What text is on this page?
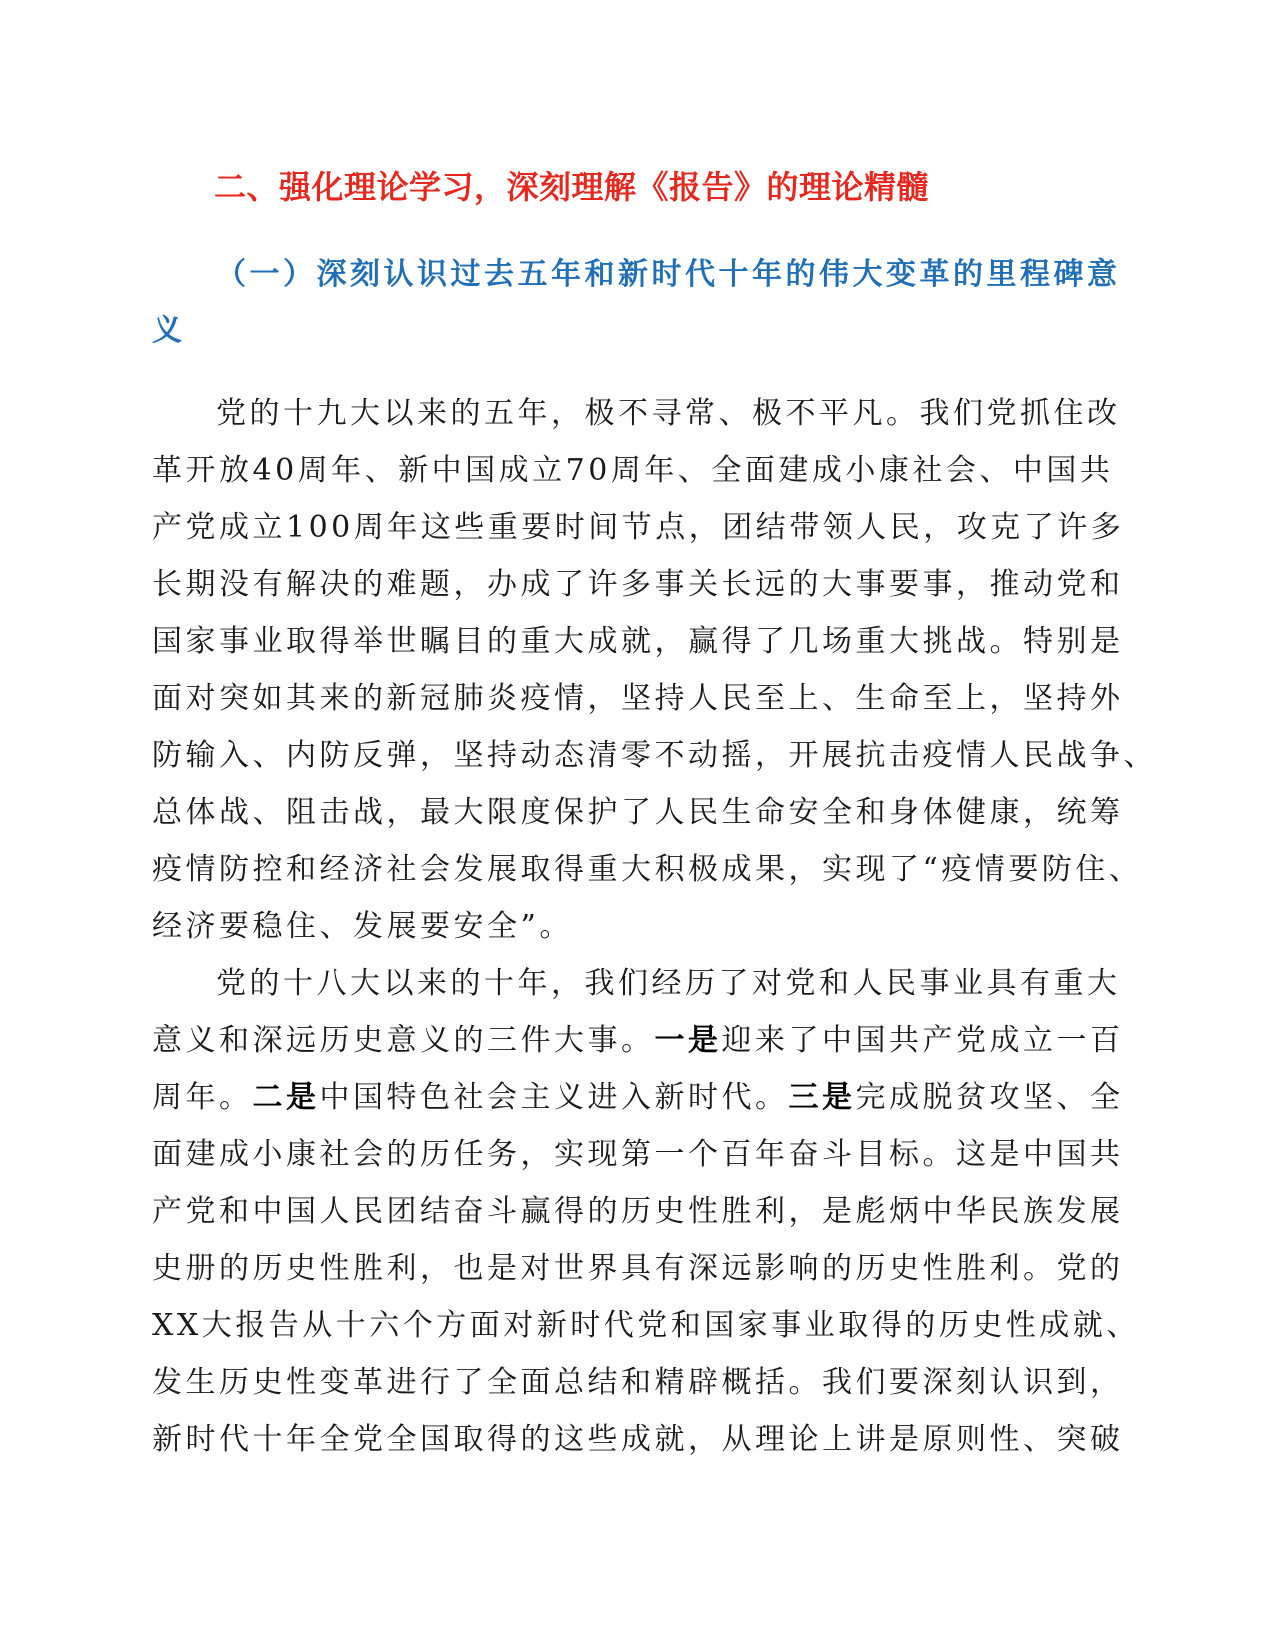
二、强化理论学习，深刻理解《报告》的理论精髓
（一）深刻认识过去五年和新时代十年的伟大变革的里程碑意义
党的十九大以来的五年，极不寻常、极不平凡。我们党抓住改
革开放40周年、新中国成立70周年、全面建成小康社会、中国共
产党成立100周年这些重要时间节点，团结带领人民，攻克了许多
长期没有解决的难题，办成了许多事关长远的大事要事，推动党和
国家事业取得举世瞩目的重大成就，赢得了几场重大挑战。特别是
面对突如其来的新冠肺炎疫情，坚持人民至上、生命至上，坚持外
防输入、内防反弹，坚持动态清零不动摇，开展抗击疫情人民战争、
总体战、阻击战，最大限度保护了人民生命安全和身体健康，统筹
疫情防控和经济社会发展取得重大积极成果，实现了“疫情要防住、
经济要稳住、发展要安全”。
党的十八大以来的十年，我们经历了对党和人民事业具有重大
意义和深远历史意义的三件大事。一是迎来了中国共产党成立一百
周年。二是中国特色社会主义进入新时代。三是完成脱贫攻坚、全
面建成小康社会的历任务，实现第一个百年奋斗目标。这是中国共
产党和中国人民团结奋斗赢得的历史性胜利，是彪炳中华民族发展
史册的历史性胜利，也是对世界具有深远影响的历史性胜利。党的
XX大报告从十六个方面对新时代党和国家事业取得的历史性成就、
发生历史性变革进行了全面总结和精辟概括。我们要深刻认识到，
新时代十年全党全国取得的这些成就，从理论上讲是原则性、突破
